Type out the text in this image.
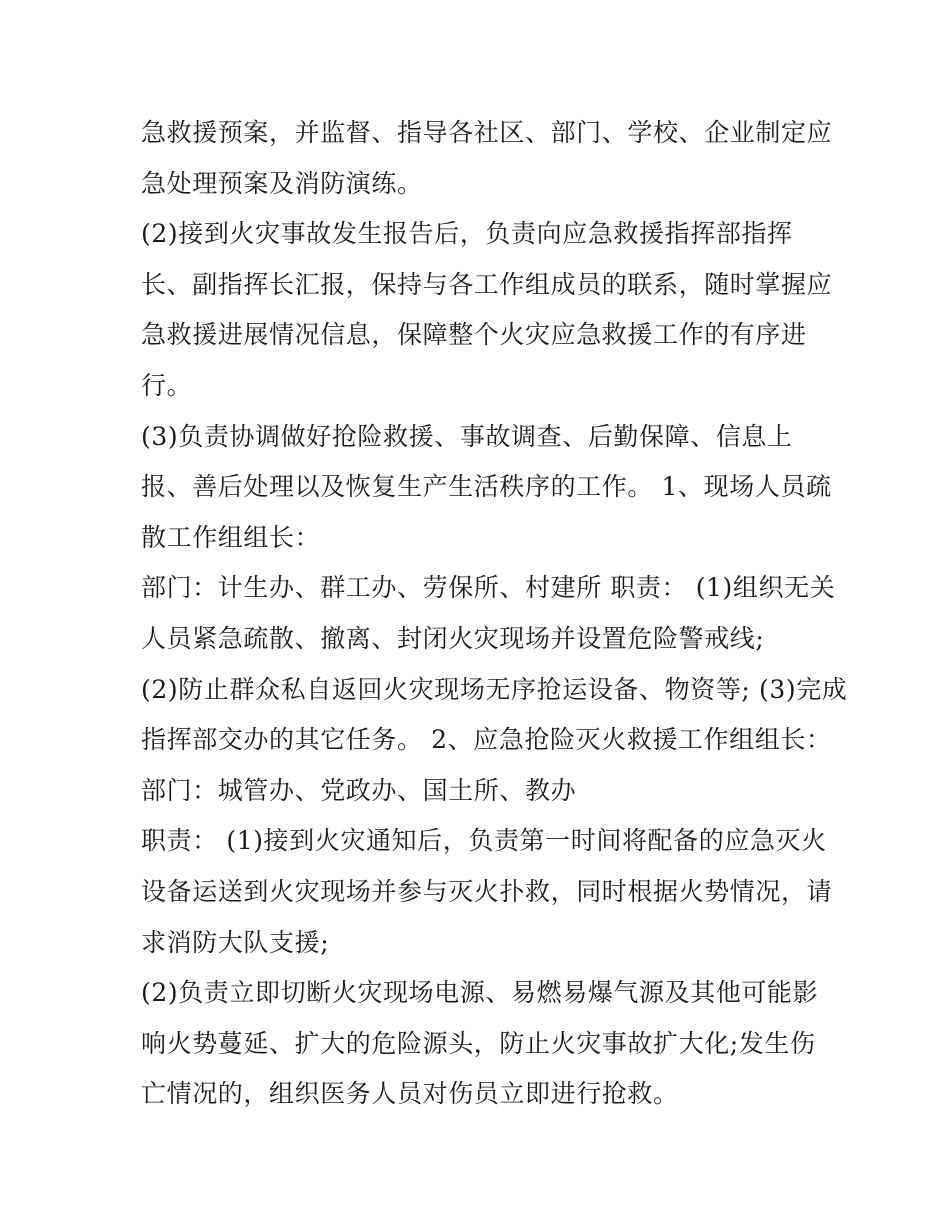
急救援预案，并监督、指导各社区、部门、学校、企业制定应
急处理预案及消防演练。
(2)接到火灾事故发生报告后，负责向应急救援指挥部指挥
长、副指挥长汇报，保持与各工作组成员的联系，随时掌握应
急救援进展情况信息，保障整个火灾应急救援工作的有序进
行。
(3)负责协调做好抢险救援、事故调查、后勤保障、信息上
报、善后处理以及恢复生产生活秩序的工作。 1、现场人员疏
散工作组组长：
部门：计生办、群工办、劳保所、村建所 职责： (1)组织无关
人员紧急疏散、撤离、封闭火灾现场并设置危险警戒线;
(2)防止群众私自返回火灾现场无序抢运设备、物资等; (3)完成
指挥部交办的其它任务。 2、应急抢险灭火救援工作组组长：
部门：城管办、党政办、国土所、教办
职责： (1)接到火灾通知后，负责第一时间将配备的应急灭火
设备运送到火灾现场并参与灭火扑救，同时根据火势情况，请
求消防大队支援;
(2)负责立即切断火灾现场电源、易燃易爆气源及其他可能影
响火势蔓延、扩大的危险源头，防止火灾事故扩大化;发生伤
亡情况的，组织医务人员对伤员立即进行抢救。
